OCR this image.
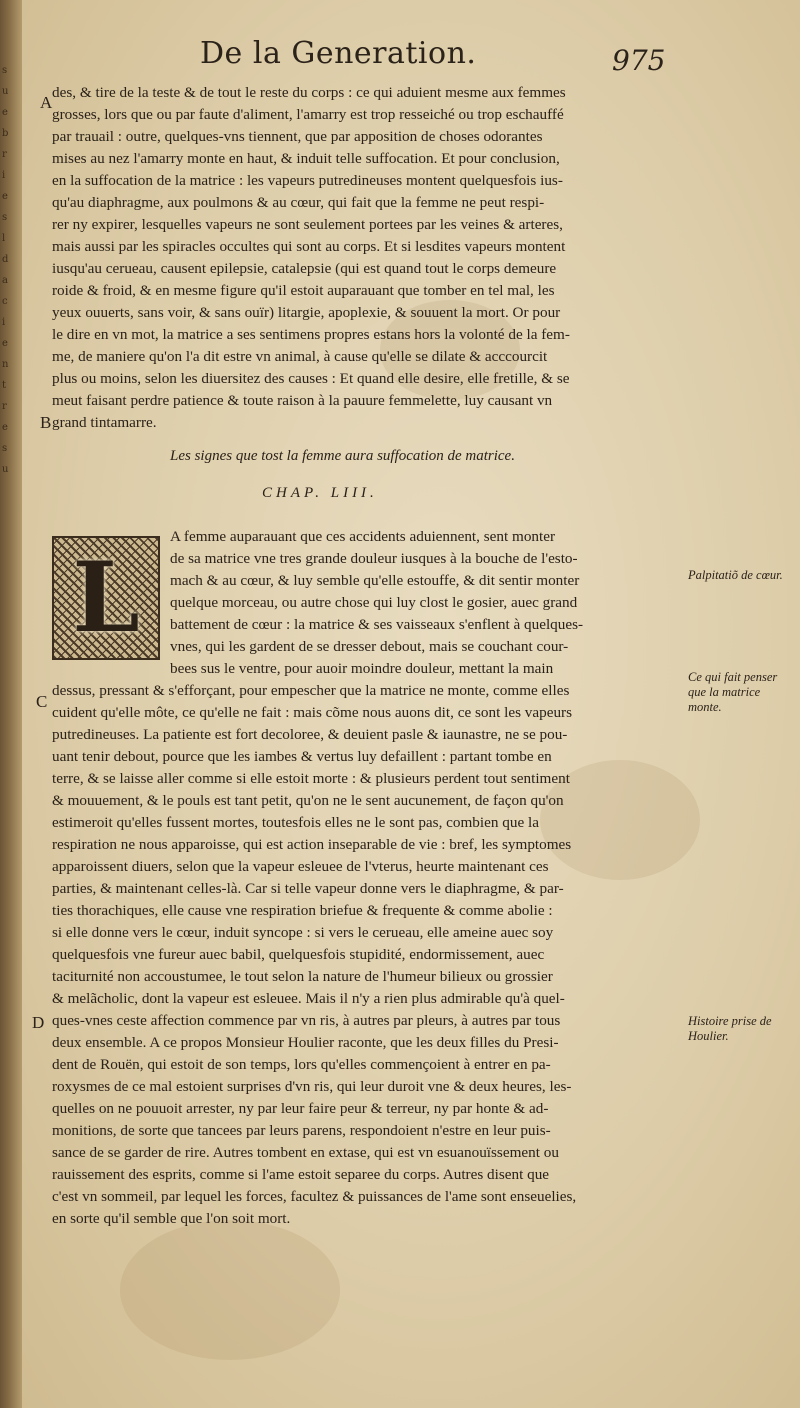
s
u
e
b
r
i
e
s
l
d
a
c
i
e
n
t
r
e
s
u
De la Generation.	975
A
B
C
D
des, & tire de la teste & de tout le reste du corps : ce qui aduient mesme aux femmes
grosses, lors que ou par faute d'aliment, l'amarry est trop resseiché ou trop eschauffé
par trauail : outre, quelques-vns tiennent, que par apposition de choses odorantes
mises au nez l'amarry monte en haut, & induit telle suffocation. Et pour conclusion,
en la suffocation de la matrice : les vapeurs putredineuses montent quelquesfois ius-
qu'au diaphragme, aux poulmons & au cœur, qui fait que la femme ne peut respi-
rer ny expirer, lesquelles vapeurs ne sont seulement portees par les veines & arteres,
mais aussi par les spiracles occultes qui sont au corps. Et si lesdites vapeurs montent
iusqu'au cerueau, causent epilepsie, catalepsie (qui est quand tout le corps demeure
roide & froid, & en mesme figure qu'il estoit auparauant que tomber en tel mal, les
yeux ouuerts, sans voir, & sans ouïr) litargie, apoplexie, & souuent la mort. Or pour
le dire en vn mot, la matrice a ses sentimens propres estans hors la volonté de la fem-
me, de maniere qu'on l'a dit estre vn animal, à cause qu'elle se dilate & acccourcit
plus ou moins, selon les diuersitez des causes : Et quand elle desire, elle fretille, & se
meut faisant perdre patience & toute raison à la pauure femmelette, luy causant vn
grand tintamarre.
Les signes que tost la femme aura suffocation de matrice.
CHAP. LIII.
L
A femme auparauant que ces accidents aduiennent, sent monter
de sa matrice vne tres grande douleur iusques à la bouche de l'esto-
mach & au cœur, & luy semble qu'elle estouffe, & dit sentir monter
quelque morceau, ou autre chose qui luy clost le gosier, auec grand
battement de cœur : la matrice & ses vaisseaux s'enflent à quelques-
vnes, qui les gardent de se dresser debout, mais se couchant cour-
bees sus le ventre, pour auoir moindre douleur, mettant la main
dessus, pressant & s'efforçant, pour empescher que la matrice ne monte, comme elles
cuident qu'elle môte, ce qu'elle ne fait : mais cõme nous auons dit, ce sont les vapeurs
putredineuses. La patiente est fort decoloree, & deuient pasle & iaunastre, ne se pou-
uant tenir debout, pource que les iambes & vertus luy defaillent : partant tombe en
terre, & se laisse aller comme si elle estoit morte : & plusieurs perdent tout sentiment
& mouuement, & le pouls est tant petit, qu'on ne le sent aucunement, de façon qu'on
estimeroit qu'elles fussent mortes, toutesfois elles ne le sont pas, combien que la
respiration ne nous apparoisse, qui est action inseparable de vie : bref, les symptomes
apparoissent diuers, selon que la vapeur esleuee de l'vterus, heurte maintenant ces
parties, & maintenant celles-là. Car si telle vapeur donne vers le diaphragme, & par-
ties thorachiques, elle cause vne respiration briefue & frequente & comme abolie :
si elle donne vers le cœur, induit syncope : si vers le cerueau, elle ameine auec soy
quelquesfois vne fureur auec babil, quelquesfois stupidité, endormissement, auec
taciturnité non accoustumee, le tout selon la nature de l'humeur bilieux ou grossier
& melãcholic, dont la vapeur est esleuee. Mais il n'y a rien plus admirable qu'à quel-
ques-vnes ceste affection commence par vn ris, à autres par pleurs, à autres par tous
deux ensemble. A ce propos Monsieur Houlier raconte, que les deux filles du Presi-
dent de Rouën, qui estoit de son temps, lors qu'elles commençoient à entrer en pa-
roxysmes de ce mal estoient surprises d'vn ris, qui leur duroit vne & deux heures, les-
quelles on ne pouuoit arrester, ny par leur faire peur & terreur, ny par honte & ad-
monitions, de sorte que tancees par leurs parens, respondoient n'estre en leur puis-
sance de se garder de rire. Autres tombent en extase, qui est vn esuanouïssement ou
rauissement des esprits, comme si l'ame estoit separee du corps. Autres disent que
c'est vn sommeil, par lequel les forces, facultez & puissances de l'ame sont enseuelies,
en sorte qu'il semble que l'on soit mort.
Palpitatiõ de cœur.
Ce qui fait penser que la matrice monte.
Histoire prise de Houlier.
